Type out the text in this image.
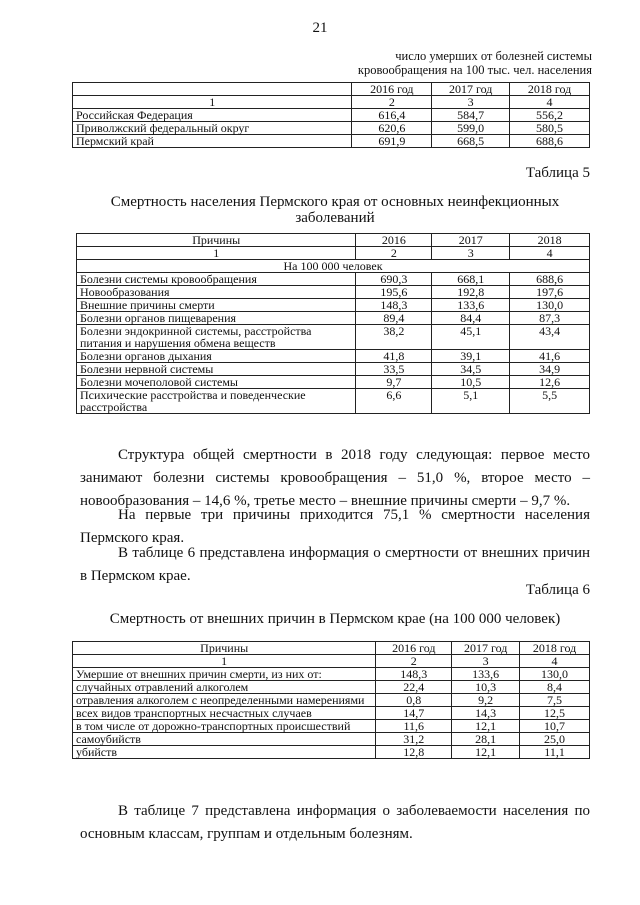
21
число умерших от болезней системы
кровообращения на 100 тыс. чел. населения
	2016 год	2017 год	2018 год
1	2	3	4
Российская Федерация	616,4	584,7	556,2
Приволжский федеральный округ	620,6	599,0	580,5
Пермский край	691,9	668,5	688,6
Таблица 5
Смертность населения Пермского края от основных неинфекционных
заболеваний
Причины	2016	2017	2018
1	2	3	4
На 100 000 человек			
Болезни системы кровообращения	690,3	668,1	688,6
Новообразования	195,6	192,8	197,6
Внешние причины смерти	148,3	133,6	130,0
Болезни органов пищеварения	89,4	84,4	87,3
Болезни эндокринной системы, расстройства питания и нарушения обмена веществ	38,2	45,1	43,4
Болезни органов дыхания	41,8	39,1	41,6
Болезни нервной системы	33,5	34,5	34,9
Болезни мочеполовой системы	9,7	10,5	12,6
Психические расстройства и поведенческие расстройства	6,6	5,1	5,5
Структура общей смертности в 2018 году следующая: первое место занимают болезни системы кровообращения – 51,0 %, второе место – новообразования – 14,6 %, третье место – внешние причины смерти – 9,7 %.
На первые три причины приходится 75,1 % смертности населения Пермского края.
В таблице 6 представлена информация о смертности от внешних причин в Пермском крае.
Таблица 6
Смертность от внешних причин в Пермском крае (на 100 000 человек)
Причины	2016 год	2017 год	2018 год
1	2	3	4
Умершие от внешних причин смерти, из них от:	148,3	133,6	130,0
случайных отравлений алкоголем	22,4	10,3	8,4
отравления алкоголем с неопределенными намерениями	0,8	9,2	7,5
всех видов транспортных несчастных случаев	14,7	14,3	12,5
в том числе от дорожно-транспортных происшествий	11,6	12,1	10,7
самоубийств	31,2	28,1	25,0
убийств	12,8	12,1	11,1
В таблице 7 представлена информация о заболеваемости населения по основным классам, группам и отдельным болезням.
